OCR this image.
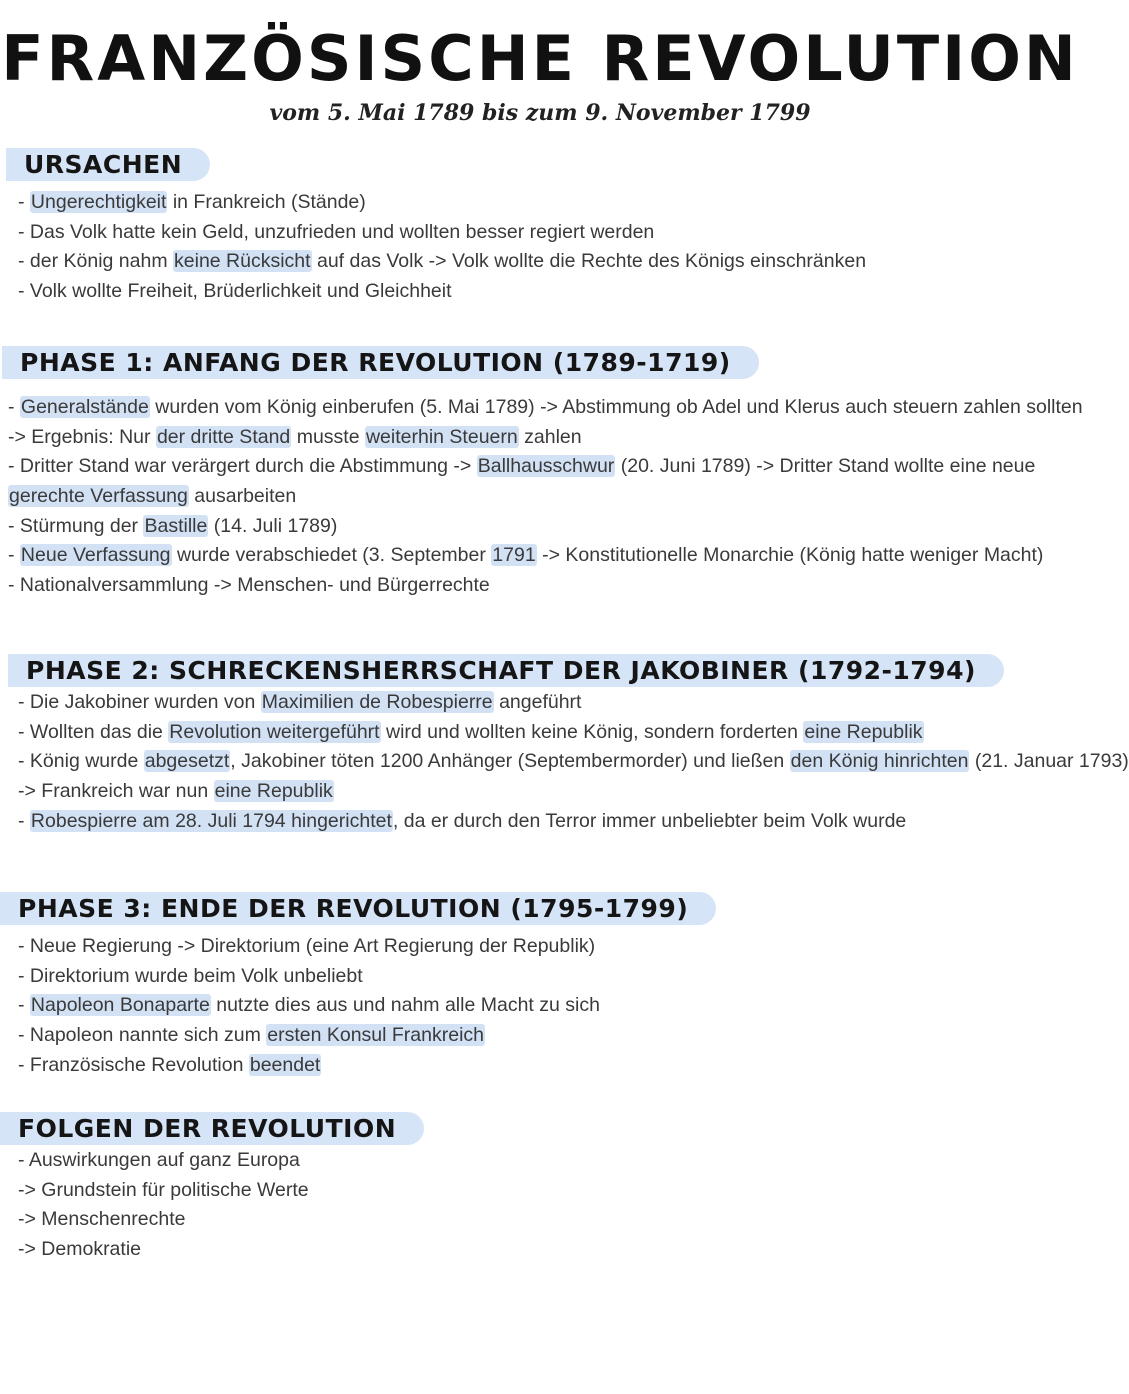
FRANZÖSISCHE REVOLUTION
vom 5. Mai 1789 bis zum 9. November 1799
URSACHEN
- Ungerechtigkeit in Frankreich (Stände)
- Das Volk hatte kein Geld, unzufrieden und wollten besser regiert werden
- der König nahm keine Rücksicht auf das Volk -> Volk wollte die Rechte des Königs einschränken
- Volk wollte Freiheit, Brüderlichkeit und Gleichheit
PHASE 1: ANFANG DER REVOLUTION (1789-1719)
- Generalstände wurden vom König einberufen (5. Mai 1789) -> Abstimmung ob Adel und Klerus auch steuern zahlen sollten
-> Ergebnis: Nur der dritte Stand musste weiterhin Steuern zahlen
- Dritter Stand war verärgert durch die Abstimmung -> Ballhausschwur (20. Juni 1789) -> Dritter Stand wollte eine neue
gerechte Verfassung ausarbeiten
- Stürmung der Bastille (14. Juli 1789)
- Neue Verfassung wurde verabschiedet (3. September 1791 -> Konstitutionelle Monarchie (König hatte weniger Macht)
- Nationalversammlung -> Menschen- und Bürgerrechte
PHASE 2: SCHRECKENSHERRSCHAFT DER JAKOBINER (1792-1794)
- Die Jakobiner wurden von Maximilien de Robespierre angeführt
- Wollten das die Revolution weitergeführt wird und wollten keine König, sondern forderten eine Republik
- König wurde abgesetzt, Jakobiner töten 1200 Anhänger (Septembermorder) und ließen den König hinrichten (21. Januar 1793)
-> Frankreich war nun eine Republik
- Robespierre am 28. Juli 1794 hingerichtet, da er durch den Terror immer unbeliebter beim Volk wurde
PHASE 3: ENDE DER REVOLUTION (1795-1799)
- Neue Regierung -> Direktorium (eine Art Regierung der Republik)
- Direktorium wurde beim Volk unbeliebt
- Napoleon Bonaparte nutzte dies aus und nahm alle Macht zu sich
- Napoleon nannte sich zum ersten Konsul Frankreich
- Französische Revolution beendet
FOLGEN DER REVOLUTION
- Auswirkungen auf ganz Europa
-> Grundstein für politische Werte
-> Menschenrechte
-> Demokratie
